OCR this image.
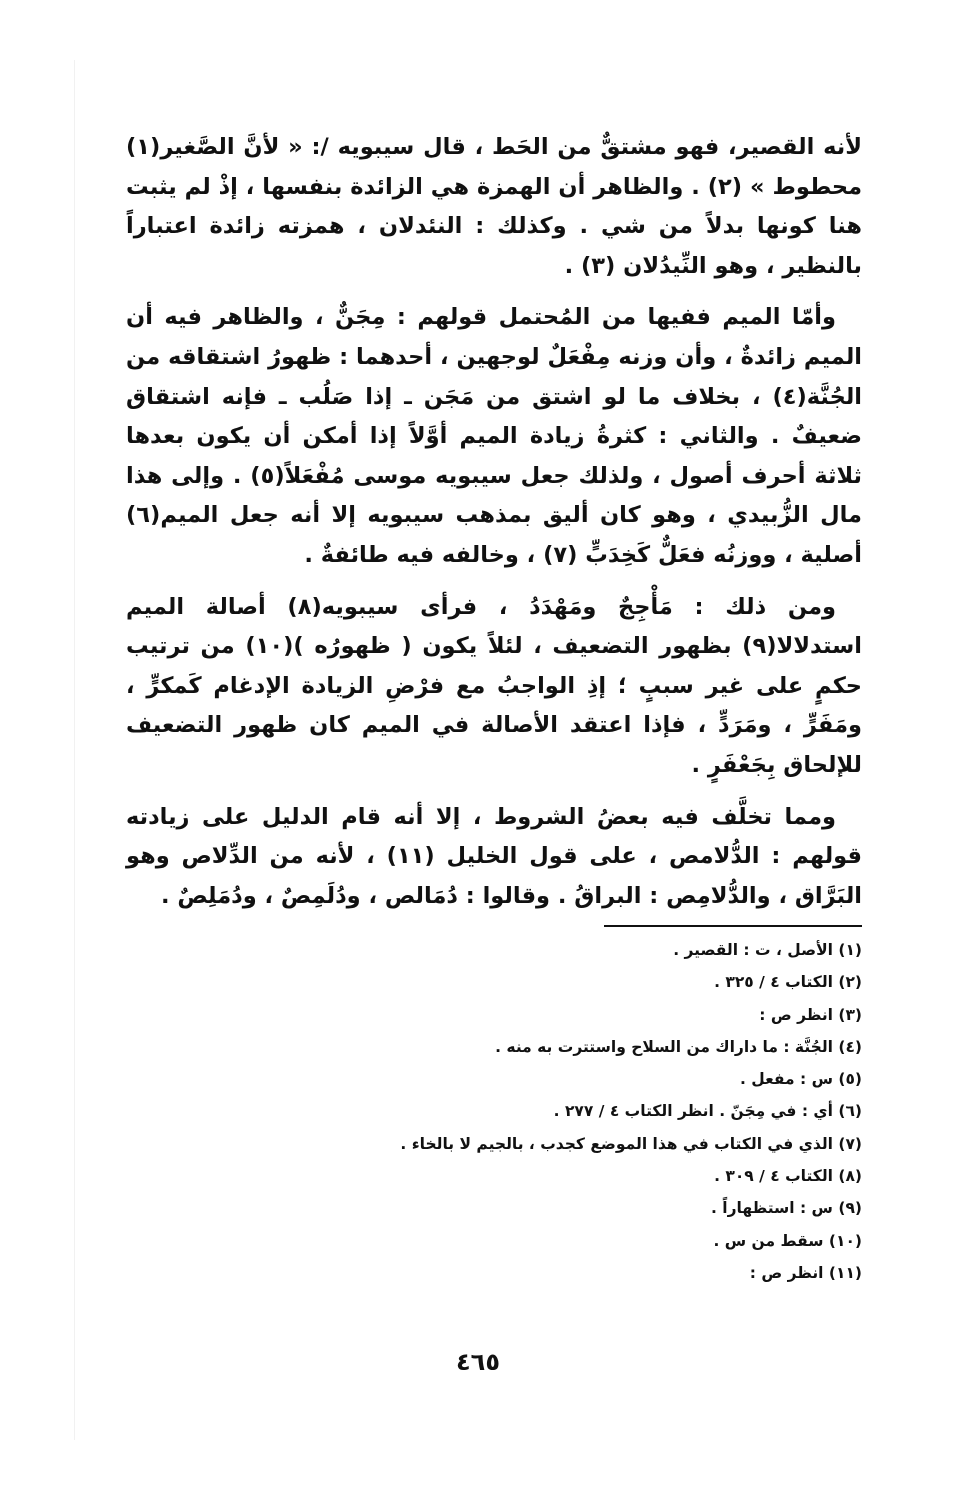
لأنه القصير، فهو مشتقٌّ من الحَط ، قال سيبويه /: « لأنَّ الصَّغير(١) محطوط » (٢) . والظاهر أن الهمزة هي الزائدة بنفسها ، إذْ لم يثبت هنا كونها بدلاً من شي . وكذلك : النئدلان ، همزته زائدة اعتباراً بالنظير ، وهو النِّيدُلان (٣) .

وأمّا الميم ففيها من المُحتمل قولهم : مِجَنٌّ ، والظاهر فيه أن الميم زائدةٌ ، وأن وزنه مِفْعَلٌ لوجهين ، أحدهما : ظهورُ اشتقاقه من الجُنَّة(٤) ، بخلاف ما لو اشتق من مَجَن ـ إذا صَلُب ـ فإنه اشتقاق ضعيفٌ . والثاني : كثرةُ زيادة الميم أوَّلاً إذا أمكن أن يكون بعدها ثلاثة أحرف أصول ، ولذلك جعل سيبويه موسى مُفْعَلاً(٥) . وإلى هذا مال الزُّبيدي ، وهو كان أليق بمذهب سيبويه إلا أنه جعل الميم(٦) أصلية ، ووزنُه فعَلٌّ كَخِدَبٍّ (٧) ، وخالفه فيه طائفةٌ .

ومن ذلك : مَأْجِجٌ ومَهْدَدُ ، فرأى سيبويه(٨) أصالة الميم استدلالا(٩) بظهور التضعيف ، لئلاً يكون ( ظهورُه )(١٠) من ترتيب حكمٍ على غير سببٍ ؛ إذِ الواجبُ مع فرْضِ الزيادة الإدغام كَمكرٍّ ، ومَفَرٍّ ، ومَرَدٍّ ، فإذا اعتقد الأصالة في الميم كان ظهور التضعيف للإلحاق بِجَعْفَرٍ .

ومما تخلَّف فيه بعضُ الشروط ، إلا أنه قام الدليل على زيادته قولهم : الدُّلامص ، على قول الخليل (١١) ، لأنه من الدِّلاص وهو البَرَّاق ، والدُّلامِص : البراقُ . وقالوا : دُمَالص ، ودُلَمِصٌ ، ودُمَلِصٌ .

(١) الأصل ، ت : القصير .
(٢) الكتاب ٤ / ٣٢٥ .
(٣) انظر ص :
(٤) الجُنَّة : ما داراك من السلاح واستترت به منه .
(٥) س : مفعل .
(٦) أي : في مِجَنّ . انظر الكتاب ٤ / ٢٧٧ .
(٧) الذي في الكتاب في هذا الموضع كجدب ، بالجيم لا بالخاء .
(٨) الكتاب ٤ / ٣٠٩ .
(٩) س : استظهاراً .
(١٠) سقط من س .
(١١) انظر ص :
٤٦٥
